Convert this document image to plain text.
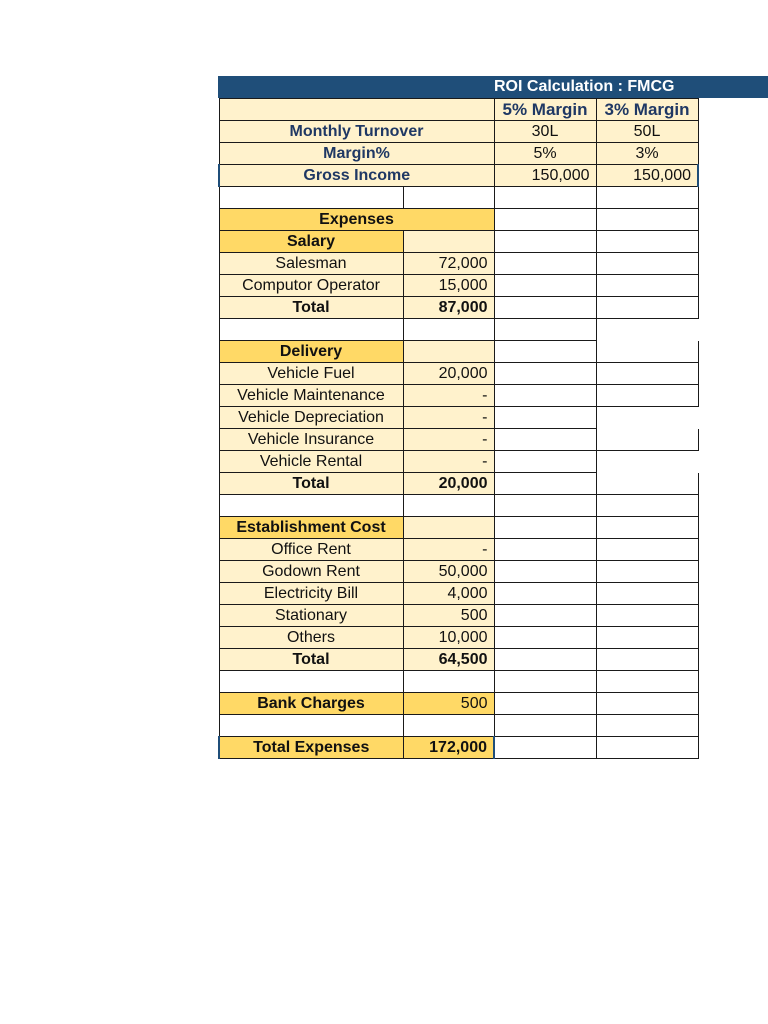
ROI Calculation : FMCG
		5% Margin	3% Margin
Monthly Turnover		30L	50L
Margin%		5%	3%
Gross Income		150,000	150,000

Expenses			
Salary			
Salesman	72,000		
Computor Operator	15,000		
Total	87,000		

Delivery			
Vehicle Fuel	20,000		
Vehicle Maintenance	-		
Vehicle Depreciation	-		
Vehicle Insurance	-		
Vehicle Rental	-		
Total	20,000		

Establishment Cost			
Office Rent	-		
Godown Rent	50,000		
Electricity Bill	4,000		
Stationary	500		
Others	10,000		
Total	64,500		

Bank Charges	500		

Total Expenses	172,000		
